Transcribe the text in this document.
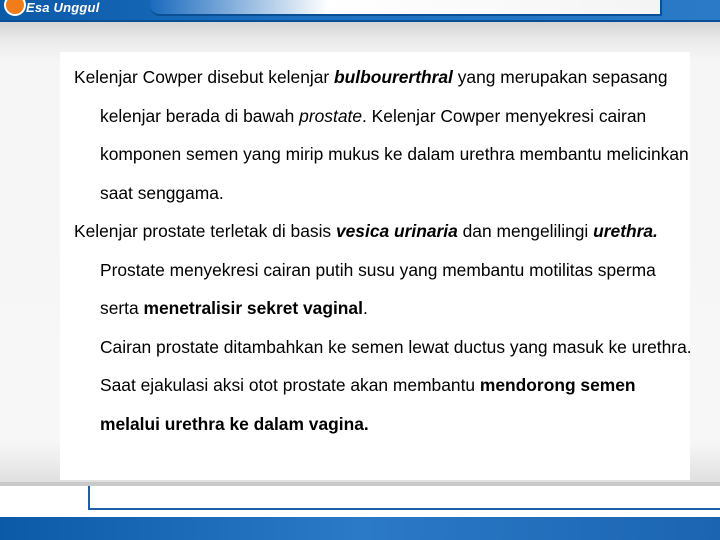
Esa Unggul

Kelenjar Cowper disebut kelenjar bulbourerthral yang merupakan sepasang kelenjar berada di bawah prostate. Kelenjar Cowper menyekresi cairan komponen semen yang mirip mukus ke dalam urethra membantu melicinkan saat senggama.

Kelenjar prostate terletak di basis vesica urinaria dan mengelilingi urethra. Prostate menyekresi cairan putih susu yang membantu motilitas sperma serta menetralisir sekret vaginal.

Cairan prostate ditambahkan ke semen lewat ductus yang masuk ke urethra.

Saat ejakulasi aksi otot prostate akan membantu mendorong semen melalui urethra ke dalam vagina.
